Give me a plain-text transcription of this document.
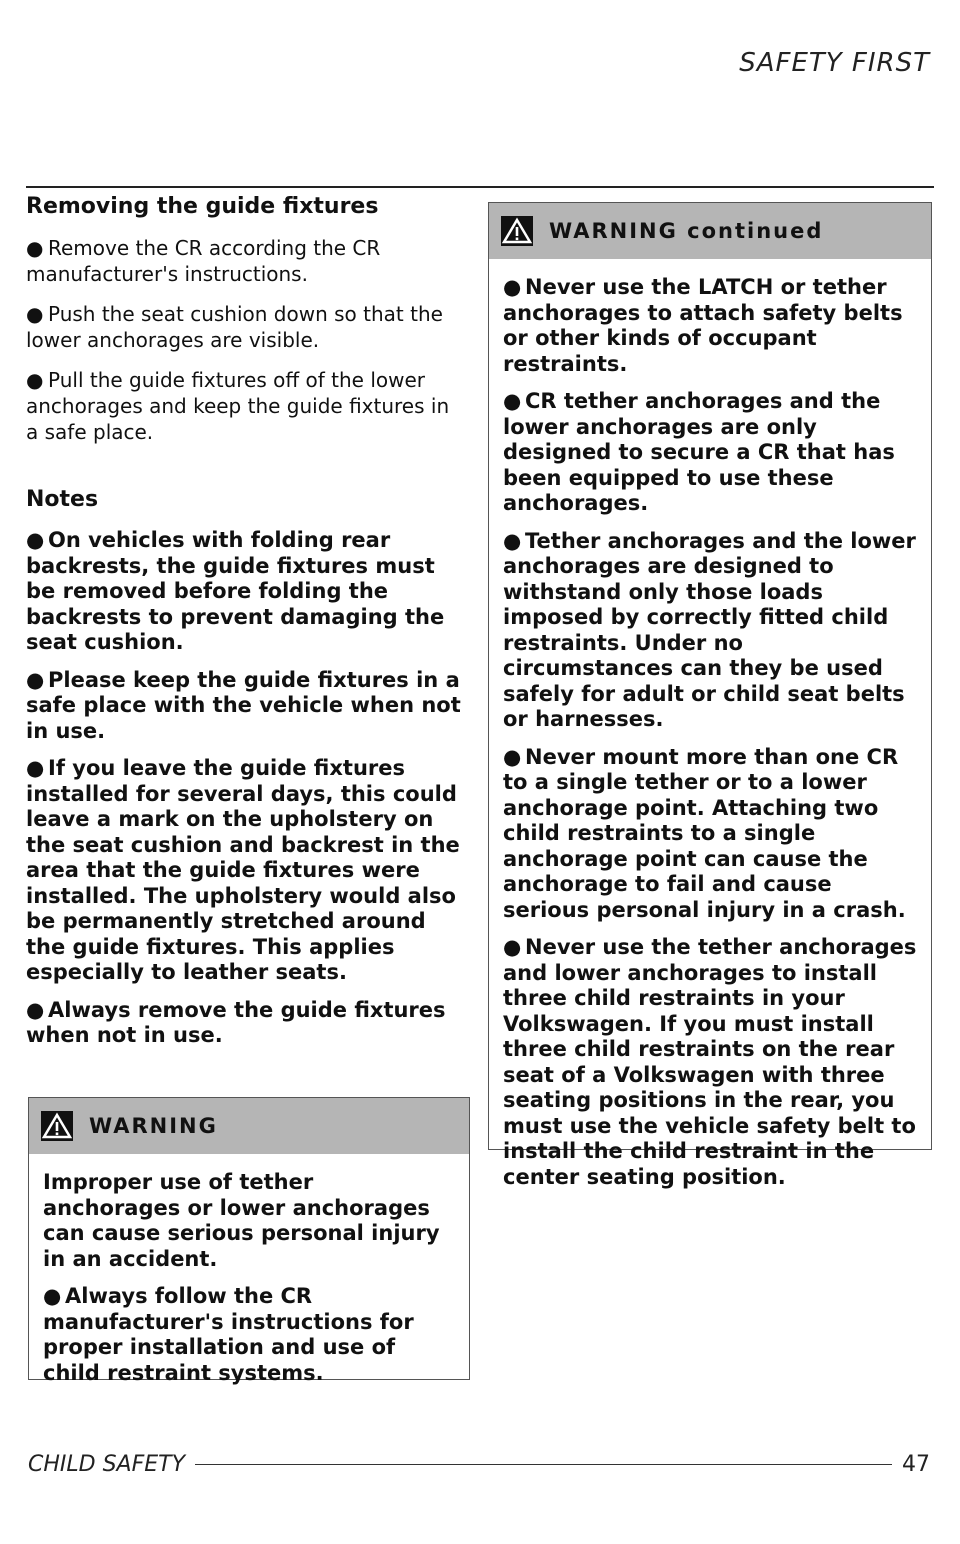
SAFETY FIRST
Removing the guide fixtures

● Remove the CR according the CR manufacturer's instructions.

● Push the seat cushion down so that the lower anchorages are visible.

● Pull the guide fixtures off of the lower anchorages and keep the guide fixtures in a safe place.

Notes

● On vehicles with folding rear backrests, the guide fixtures must be removed before folding the backrests to prevent damaging the seat cushion.

● Please keep the guide fixtures in a safe place with the vehicle when not in use.

● If you leave the guide fixtures installed for several days, this could leave a mark on the upholstery on the seat cushion and backrest in the area that the guide fixtures were installed. The upholstery would also be permanently stretched around the guide fixtures. This applies especially to leather seats.

● Always remove the guide fixtures when not in use.

WARNING

Improper use of tether anchorages or lower anchorages can cause serious personal injury in an accident.

● Always follow the CR manufacturer's instructions for proper installation and use of child restraint systems.

WARNING continued

● Never use the LATCH or tether anchorages to attach safety belts or other kinds of occupant restraints.

● CR tether anchorages and the lower anchorages are only designed to secure a CR that has been equipped to use these anchorages.

● Tether anchorages and the lower anchorages are designed to withstand only those loads imposed by correctly fitted child restraints. Under no circumstances can they be used safely for adult or child seat belts or harnesses.

● Never mount more than one CR to a single tether or to a lower anchorage point. Attaching two child restraints to a single anchorage point can cause the anchorage to fail and cause serious personal injury in a crash.

● Never use the tether anchorages and lower anchorages to install three child restraints in your Volkswagen. If you must install three child restraints on the rear seat of a Volkswagen with three seating positions in the rear, you must use the vehicle safety belt to install the child restraint in the center seating position.

CHILD SAFETY	47
